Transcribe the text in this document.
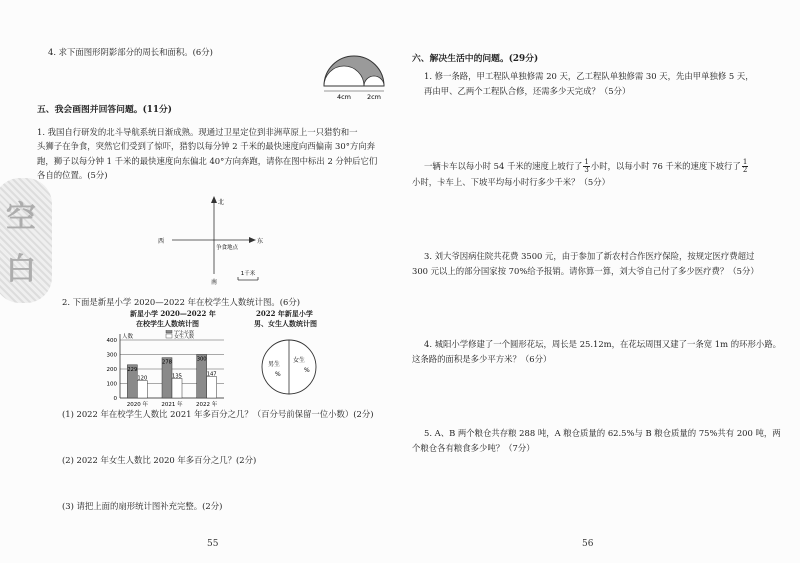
4. 求下面图形阴影部分的周长和面积。(6分)
4cm 2cm
五、我会画图并回答问题。(11分)
1. 我国自行研发的北斗导航系统日渐成熟。现通过卫星定位到非洲草原上一只猎豹和一
头狮子在争食，突然它们受到了惊吓，猎豹以每分钟 2 千米的最快速度向西偏南 30°方向奔
跑，狮子以每分钟 1 千米的最快速度向东偏北 40°方向奔跑，请你在图中标出 2 分钟后它们
各自的位置。(5分)
北
南
西	东
争食地点
1千米
2. 下面是新星小学 2020—2022 年在校学生人数统计图。(6分)
新星小学 2020—2022 年
在校学生人数统计图
0
100
200
300
400
人数
学生总数
女生人数
229
120
2020 年
278
135
2021 年
300
147
2022 年
2022 年新星小学
男、女生人数统计图
男生
%
女生
%
(1) 2022 年在校学生人数比 2021 年多百分之几？（百分号前保留一位小数）(2分)
(2) 2022 年女生人数比 2020 年多百分之几？(2分)
(3) 请把上面的扇形统计图补充完整。(2分)
55
空
白
六、解决生活中的问题。(29分)
1. 修一条路，甲工程队单独修需 20 天，乙工程队单独修需 30 天，先由甲单独修 5 天，
再由甲、乙两个工程队合修，还需多少天完成？（5分）
一辆卡车以每小时 54 千米的速度上坡行了 $\frac{1}{3}$ 小时，以每小时 76 千米的速度下坡行了 $\frac{1}{2}$
小时，卡车上、下坡平均每小时行多少千米？（5分）
3. 刘大爷因病住院共花费 3500 元，由于参加了新农村合作医疗保险，按规定医疗费超过
300 元以上的部分国家按 70%给予报销。请你算一算，刘大爷自己付了多少医疗费？（5分）
4. 城阳小学修建了一个圆形花坛，周长是 25.12m，在花坛周围又建了一条宽 1m 的环形小路。
这条路的面积是多少平方米？（6分）
5. A、B 两个粮仓共存粮 288 吨，A 粮仓质量的 62.5%与 B 粮仓质量的 75%共有 200 吨，两
个粮仓各有粮食多少吨？（7分）
56
